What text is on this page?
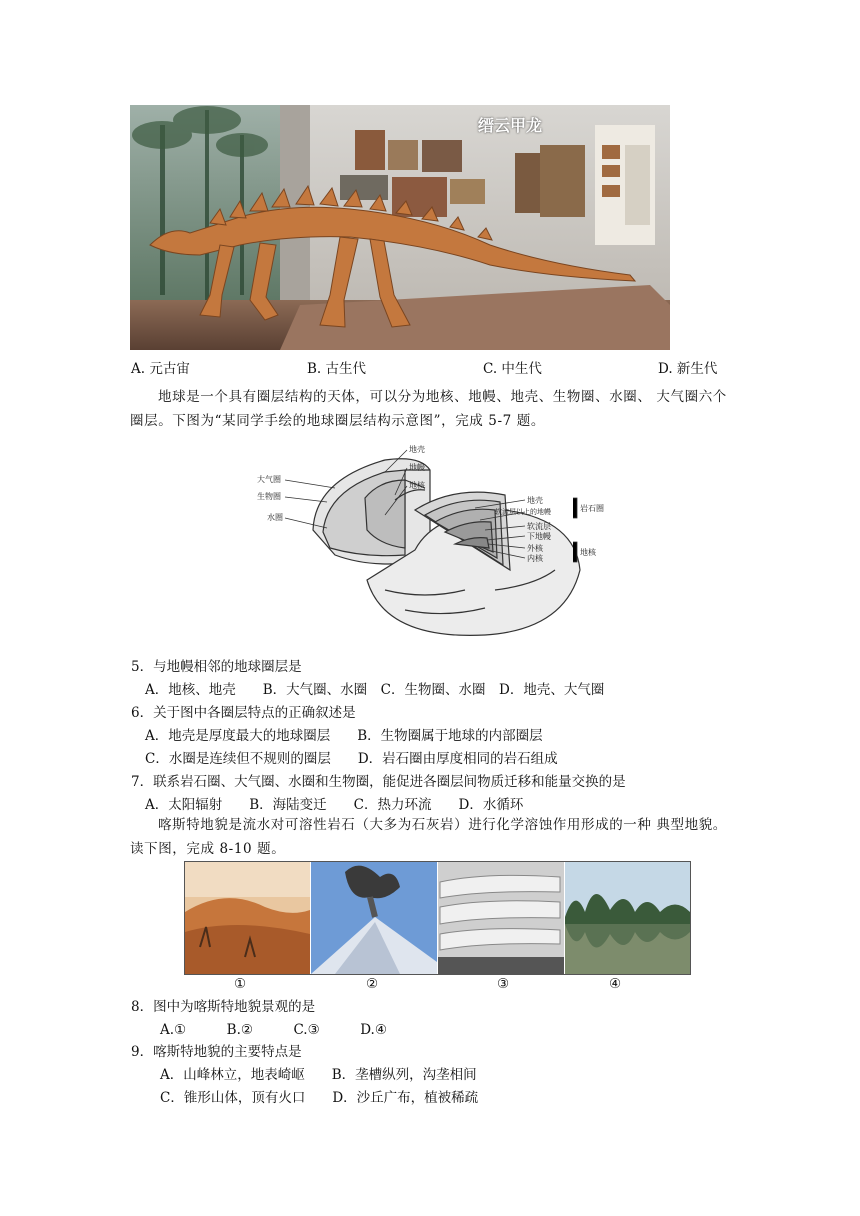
缙云甲龙
A. 元古宙	B. 古生代	C. 中生代	D. 新生代
地球是一个具有圈层结构的天体，可以分为地核、地幔、地壳、生物圈、水圈、 大气圈六个圈层。下图为“某同学手绘的地球圈层结构示意图”，完成 5-7 题。
大气圈
生物圈
水圈
地壳
地幔
地核
地壳
软流层以上的地幔
软流层
下地幔
外核
内核
岩石圈
地核
5．与地幔相邻的地球圈层是
A．地核、地壳　　B．大气圈、水圈　C．生物圈、水圈　D．地壳、大气圈
6．关于图中各圈层特点的正确叙述是
A．地壳是厚度最大的地球圈层　　B．生物圈属于地球的内部圈层
C．水圈是连续但不规则的圈层　　D．岩石圈由厚度相同的岩石组成
7．联系岩石圈、大气圈、水圈和生物圈，能促进各圈层间物质迁移和能量交换的是
A．太阳辐射　　B．海陆变迁　　C．热力环流　　D．水循环
喀斯特地貌是流水对可溶性岩石（大多为石灰岩）进行化学溶蚀作用形成的一种 典型地貌。读下图，完成 8-10 题。
①	②	③	④
8．图中为喀斯特地貌景观的是
A.①　　　B.②　　　C.③　　　D.④
9．喀斯特地貌的主要特点是
A．山峰林立，地表崎岖　　B．垄槽纵列，沟垄相间
C．锥形山体，顶有火口　　D．沙丘广布，植被稀疏
